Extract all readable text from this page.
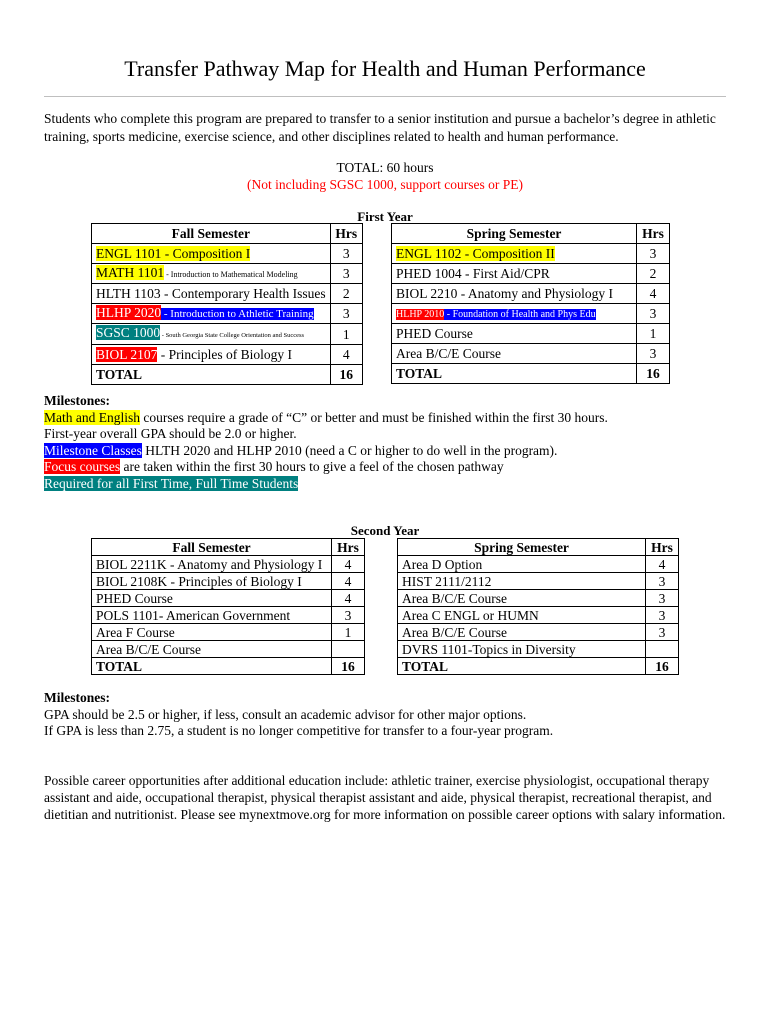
Transfer Pathway Map for Health and Human Performance
Students who complete this program are prepared to transfer to a senior institution and pursue a bachelor’s degree in athletic training, sports medicine, exercise science, and other disciplines related to health and human performance.
TOTAL: 60 hours
(Not including SGSC 1000, support courses or PE)
First Year
Fall Semester	Hrs
ENGL 1101 - Composition I	3
MATH 1101 - Introduction to Mathematical Modeling	3
HLTH 1103 - Contemporary Health Issues	2
HLHP 2020 - Introduction to Athletic Training	3
SGSC 1000 - South Georgia State College Orientation and Success	1
BIOL 2107 - Principles of Biology I	4
TOTAL	16
Spring Semester	Hrs
ENGL 1102 - Composition II	3
PHED 1004 - First Aid/CPR	2
BIOL 2210 - Anatomy and Physiology I	4
HLHP 2010 - Foundation of Health and Phys Edu	3
PHED Course	1
Area B/C/E Course	3
TOTAL	16
Milestones:
Math and English courses require a grade of “C” or better and must be finished within the first 30 hours.
First-year overall GPA should be 2.0 or higher.
Milestone Classes HLTH 2020 and HLHP 2010 (need a C or higher to do well in the program).
Focus courses are taken within the first 30 hours to give a feel of the chosen pathway
Required for all First Time, Full Time Students
Second Year
Fall Semester	Hrs
BIOL 2211K - Anatomy and Physiology I	4
BIOL 2108K - Principles of Biology I	4
PHED Course	4
POLS 1101- American Government	3
Area F Course	1
Area B/C/E Course	
TOTAL	16
Spring Semester	Hrs
Area D Option	4
HIST 2111/2112	3
Area B/C/E Course	3
Area C ENGL or HUMN	3
Area B/C/E Course	3
DVRS 1101-Topics in Diversity	
TOTAL	16
Milestones:
GPA should be 2.5 or higher, if less, consult an academic advisor for other major options.
If GPA is less than 2.75, a student is no longer competitive for transfer to a four-year program.
Possible career opportunities after additional education include: athletic trainer, exercise physiologist, occupational therapy assistant and aide, occupational therapist, physical therapist assistant and aide, physical therapist, recreational therapist, and dietitian and nutritionist. Please see mynextmove.org for more information on possible career options with salary information.
